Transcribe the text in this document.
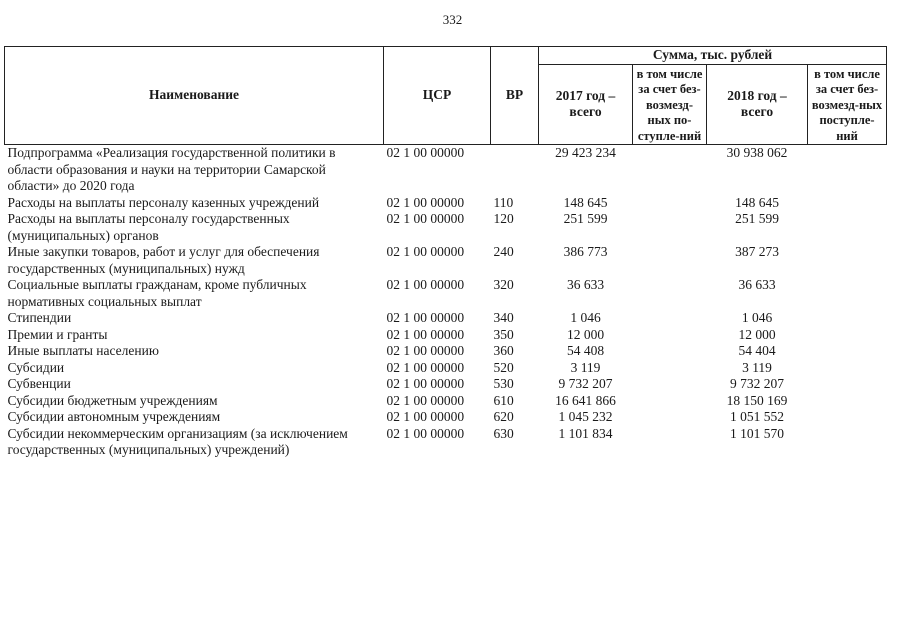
332
Наименование	ЦСР	ВР	Сумма, тыс. рублей			
			2017 год – всего	в том числе за счет без-возмезд-ных по-ступле-ний	2018 год – всего	в том числе за счет без-возмезд-ных поступле-ний
Подпрограмма «Реализация государственной политики в области образования и науки на территории Самарской области» до 2020 года	02 1 00 00000		29 423 234		30 938 062	
Расходы на выплаты персоналу казенных учреждений	02 1 00 00000	110	148 645		148 645	
Расходы на выплаты персоналу государственных (муниципальных) органов	02 1 00 00000	120	251 599		251 599	
Иные закупки товаров, работ и услуг для обеспечения государственных (муниципальных) нужд	02 1 00 00000	240	386 773		387 273	
Социальные выплаты гражданам, кроме публичных нормативных социальных выплат	02 1 00 00000	320	36 633		36 633	
Стипендии	02 1 00 00000	340	1 046		1 046	
Премии и гранты	02 1 00 00000	350	12 000		12 000	
Иные выплаты населению	02 1 00 00000	360	54 408		54 404	
Субсидии	02 1 00 00000	520	3 119		3 119	
Субвенции	02 1 00 00000	530	9 732 207		9 732 207	
Субсидии бюджетным учреждениям	02 1 00 00000	610	16 641 866		18 150 169	
Субсидии автономным учреждениям	02 1 00 00000	620	1 045 232		1 051 552	
Субсидии некоммерческим организациям (за исключением государственных (муниципальных) учреждений)	02 1 00 00000	630	1 101 834		1 101 570	
